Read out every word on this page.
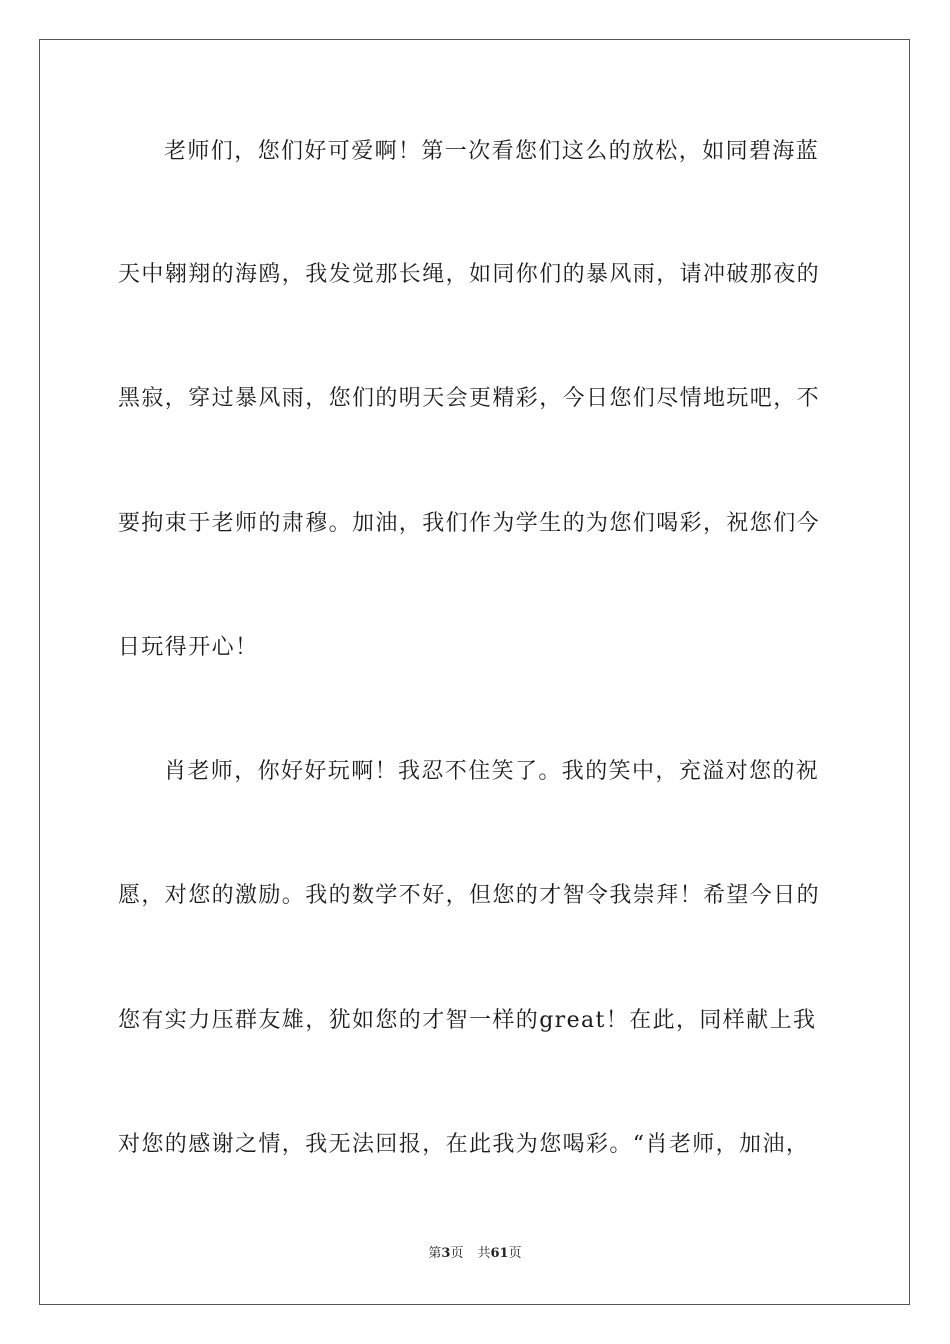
老师们，您们好可爱啊！第一次看您们这么的放松，如同碧海蓝
天中翱翔的海鸥，我发觉那长绳，如同你们的暴风雨，请冲破那夜的
黑寂，穿过暴风雨，您们的明天会更精彩，今日您们尽情地玩吧，不
要拘束于老师的肃穆。加油，我们作为学生的为您们喝彩，祝您们今
日玩得开心！
肖老师，你好好玩啊！我忍不住笑了。我的笑中，充溢对您的祝
愿，对您的激励。我的数学不好，但您的才智令我崇拜！希望今日的
您有实力压群友雄，犹如您的才智一样的great！在此，同样献上我
对您的感谢之情，我无法回报，在此我为您喝彩。“肖老师，加油，
第3页 共61页
